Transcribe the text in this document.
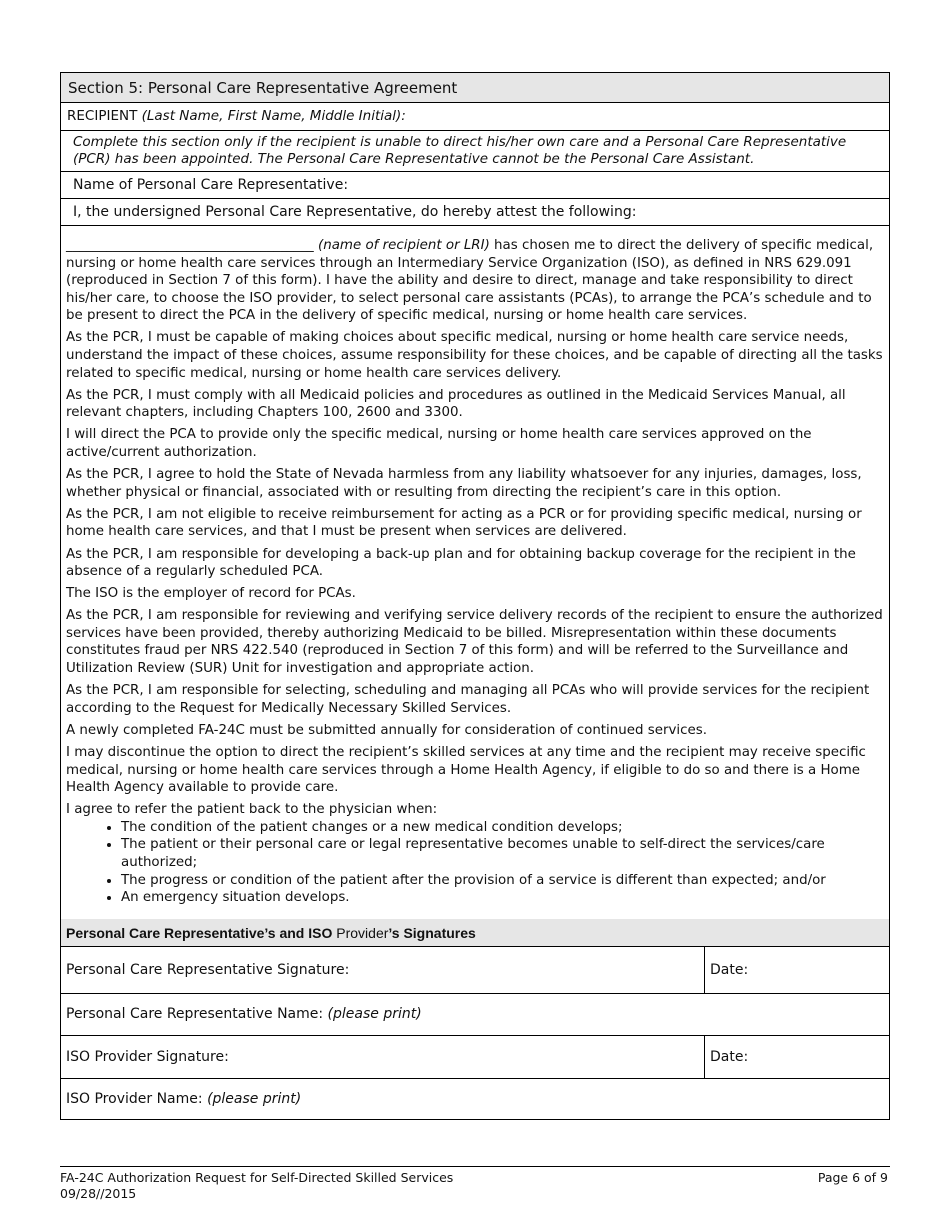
Section 5: Personal Care Representative Agreement
RECIPIENT (Last Name, First Name, Middle Initial):
Complete this section only if the recipient is unable to direct his/her own care and a Personal Care Representative (PCR) has been appointed. The Personal Care Representative cannot be the Personal Care Assistant.
Name of Personal Care Representative:
I, the undersigned Personal Care Representative, do hereby attest the following:

_____________________________________ (name of recipient or LRI) has chosen me to direct the delivery of specific medical, nursing or home health care services through an Intermediary Service Organization (ISO), as defined in NRS 629.091 (reproduced in Section 7 of this form). I have the ability and desire to direct, manage and take responsibility to direct his/her care, to choose the ISO provider, to select personal care assistants (PCAs), to arrange the PCA’s schedule and to be present to direct the PCA in the delivery of specific medical, nursing or home health care services.

As the PCR, I must be capable of making choices about specific medical, nursing or home health care service needs, understand the impact of these choices, assume responsibility for these choices, and be capable of directing all the tasks related to specific medical, nursing or home health care services delivery.

As the PCR, I must comply with all Medicaid policies and procedures as outlined in the Medicaid Services Manual, all relevant chapters, including Chapters 100, 2600 and 3300.

I will direct the PCA to provide only the specific medical, nursing or home health care services approved on the active/current authorization.

As the PCR, I agree to hold the State of Nevada harmless from any liability whatsoever for any injuries, damages, loss, whether physical or financial, associated with or resulting from directing the recipient’s care in this option.

As the PCR, I am not eligible to receive reimbursement for acting as a PCR or for providing specific medical, nursing or home health care services, and that I must be present when services are delivered.

As the PCR, I am responsible for developing a back-up plan and for obtaining backup coverage for the recipient in the absence of a regularly scheduled PCA.

The ISO is the employer of record for PCAs.

As the PCR, I am responsible for reviewing and verifying service delivery records of the recipient to ensure the authorized services have been provided, thereby authorizing Medicaid to be billed. Misrepresentation within these documents constitutes fraud per NRS 422.540 (reproduced in Section 7 of this form) and will be referred to the Surveillance and Utilization Review (SUR) Unit for investigation and appropriate action.

As the PCR, I am responsible for selecting, scheduling and managing all PCAs who will provide services for the recipient according to the Request for Medically Necessary Skilled Services.

A newly completed FA-24C must be submitted annually for consideration of continued services.

I may discontinue the option to direct the recipient’s skilled services at any time and the recipient may receive specific medical, nursing or home health care services through a Home Health Agency, if eligible to do so and there is a Home Health Agency available to provide care.

I agree to refer the patient back to the physician when:

• The condition of the patient changes or a new medical condition develops;
• The patient or their personal care or legal representative becomes unable to self-direct the services/care authorized;
• The progress or condition of the patient after the provision of a service is different than expected; and/or
• An emergency situation develops.
Personal Care Representative’s and ISO Provider’s Signatures
Personal Care Representative Signature:	Date:
Personal Care Representative Name:
(please print)
ISO Provider Signature:	Date:
ISO Provider Name:
(please print)
FA-24C Authorization Request for Self-Directed Skilled Services
09/28//2015
Page 6 of 9
